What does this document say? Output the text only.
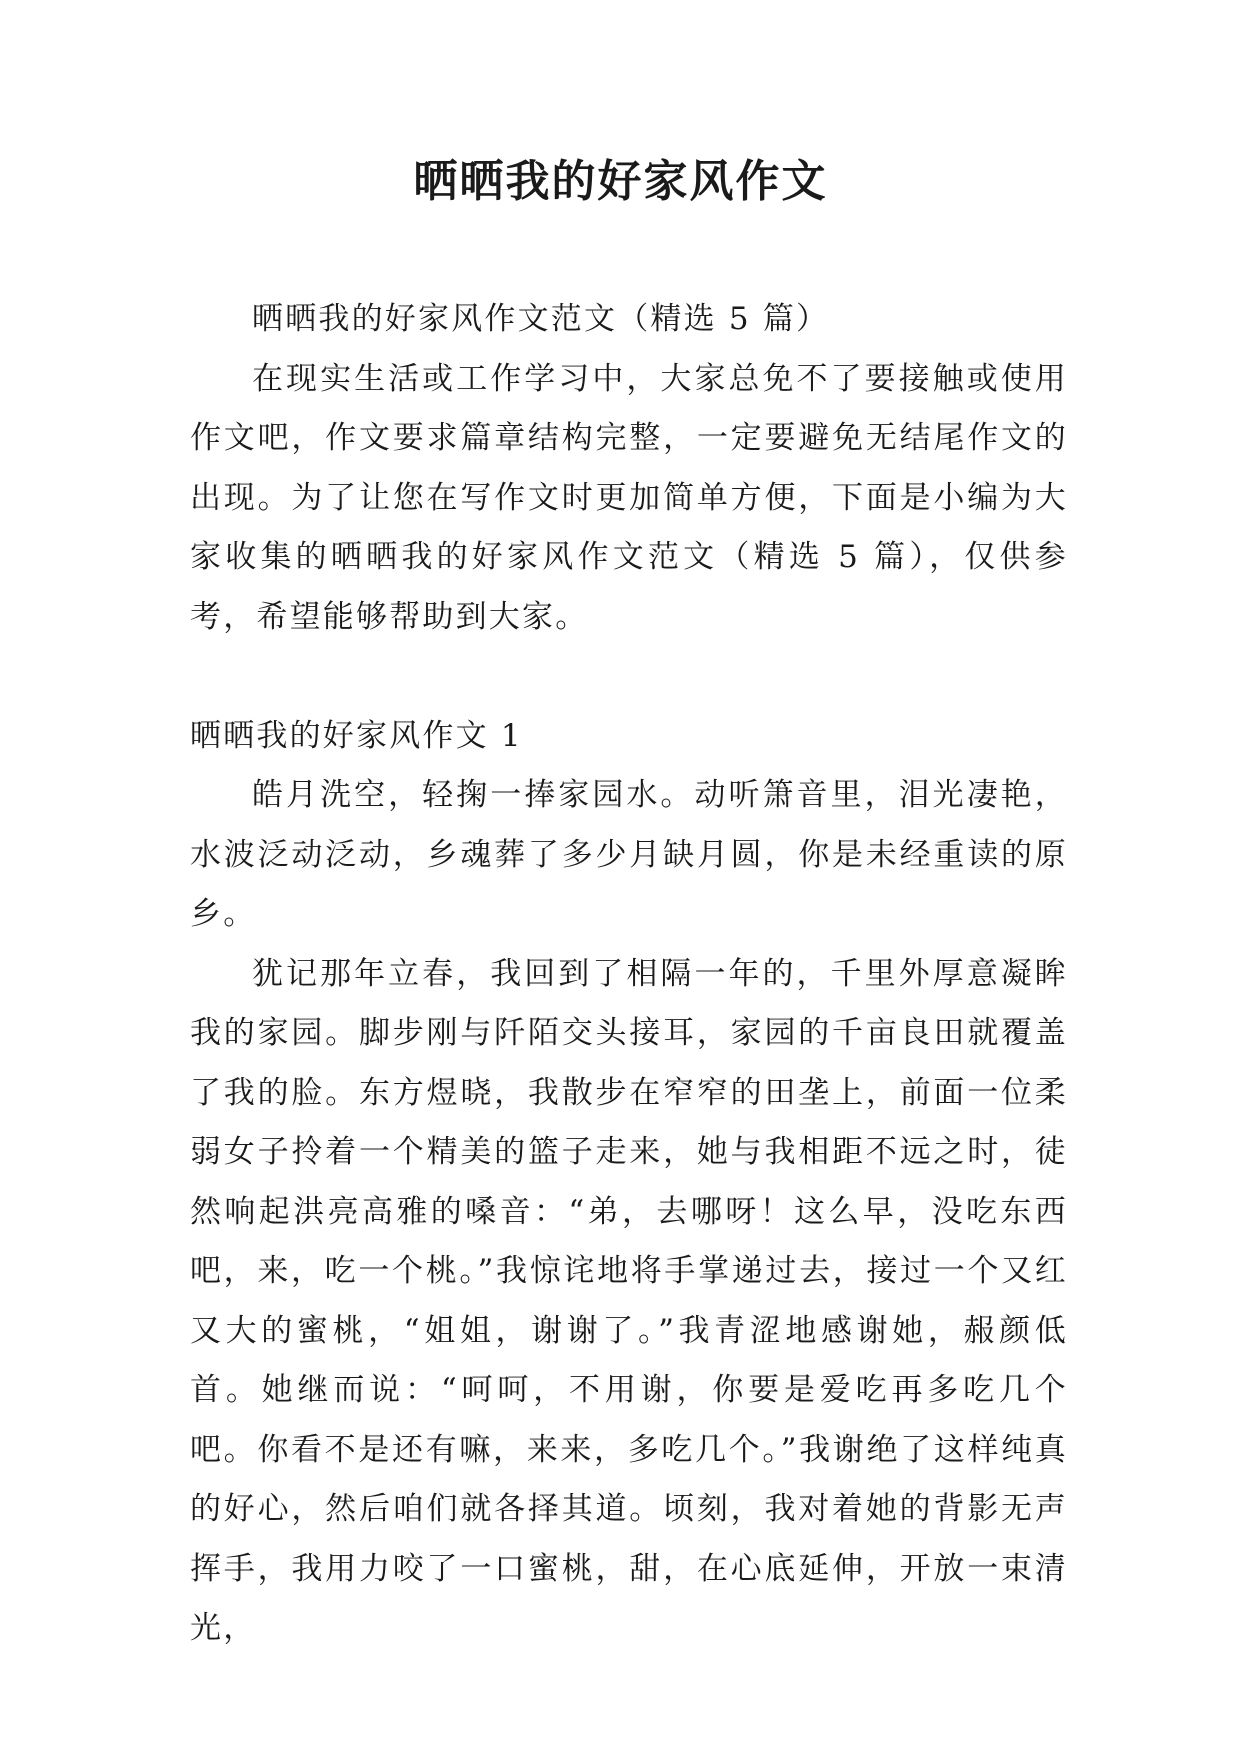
晒晒我的好家风作文

晒晒我的好家风作文范文（精选 5 篇）

在现实生活或工作学习中，大家总免不了要接触或使用作文吧，作文要求篇章结构完整，一定要避免无结尾作文的出现。为了让您在写作文时更加简单方便，下面是小编为大家收集的晒晒我的好家风作文范文（精选 5 篇），仅供参考，希望能够帮助到大家。

晒晒我的好家风作文 1

皓月洗空，轻掬一捧家园水。动听箫音里，泪光凄艳，水波泛动泛动，乡魂葬了多少月缺月圆，你是未经重读的原乡。

犹记那年立春，我回到了相隔一年的，千里外厚意凝眸我的家园。脚步刚与阡陌交头接耳，家园的千亩良田就覆盖了我的脸。东方煜晓，我散步在窄窄的田垄上，前面一位柔弱女子拎着一个精美的篮子走来，她与我相距不远之时，徒然响起洪亮高雅的嗓音：“弟，去哪呀！这么早，没吃东西吧，来，吃一个桃。”我惊诧地将手掌递过去，接过一个又红又大的蜜桃，“姐姐，谢谢了。”我青涩地感谢她，赧颜低首。她继而说：“呵呵，不用谢，你要是爱吃再多吃几个吧。你看不是还有嘛，来来，多吃几个。”我谢绝了这样纯真的好心，然后咱们就各择其道。顷刻，我对着她的背影无声挥手，我用力咬了一口蜜桃，甜，在心底延伸，开放一束清光，
